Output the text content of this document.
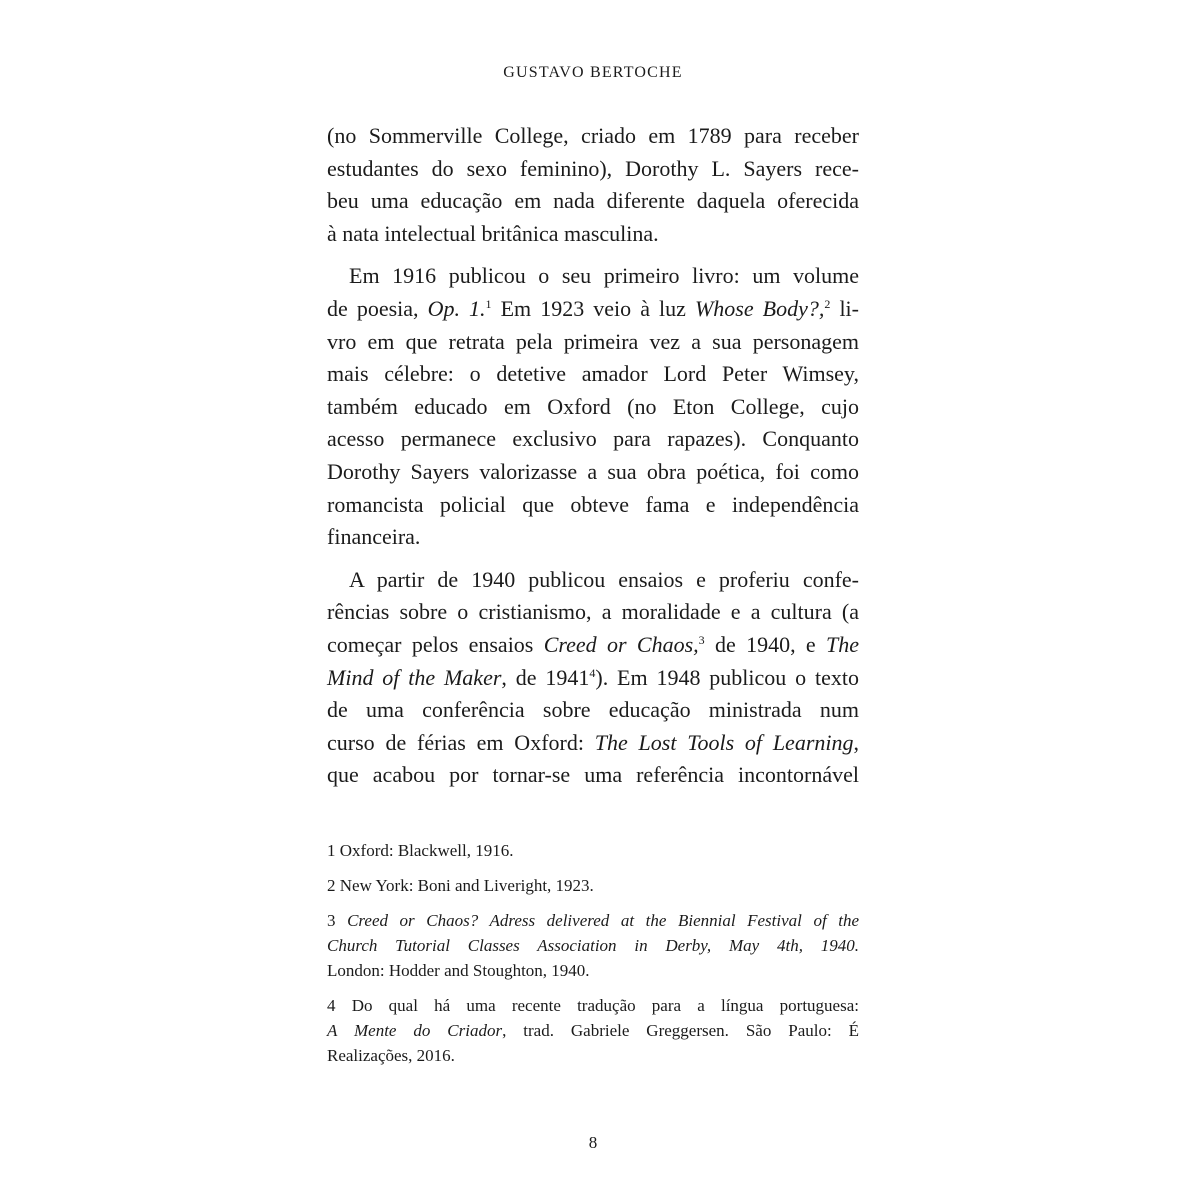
GUSTAVO BERTOCHE

(no Sommerville College, criado em 1789 para receber
estudantes do sexo feminino), Dorothy L. Sayers rece-
beu uma educação em nada diferente daquela oferecida
à nata intelectual britânica masculina.

Em 1916 publicou o seu primeiro livro: um volume
de poesia, Op. 1.$^1$ Em 1923 veio à luz Whose Body?,$^2$ li-
vro em que retrata pela primeira vez a sua personagem
mais célebre: o detetive amador Lord Peter Wimsey,
também educado em Oxford (no Eton College, cujo
acesso permanece exclusivo para rapazes). Conquanto
Dorothy Sayers valorizasse a sua obra poética, foi como
romancista policial que obteve fama e independência
financeira.

A partir de 1940 publicou ensaios e proferiu confe-
rências sobre o cristianismo, a moralidade e a cultura (a
começar pelos ensaios Creed or Chaos,$^3$ de 1940, e The
Mind of the Maker, de 1941$^4$). Em 1948 publicou o texto
de uma conferência sobre educação ministrada num
curso de férias em Oxford: The Lost Tools of Learning,
que acabou por tornar-se uma referência incontornável

1 Oxford: Blackwell, 1916.
2 New York: Boni and Liveright, 1923.
3 Creed or Chaos? Adress delivered at the Biennial Festival of the
Church Tutorial Classes Association in Derby, May 4th, 1940.
London: Hodder and Stoughton, 1940.
4 Do qual há uma recente tradução para a língua portuguesa:
A Mente do Criador, trad. Gabriele Greggersen. São Paulo: É
Realizações, 2016.

8
